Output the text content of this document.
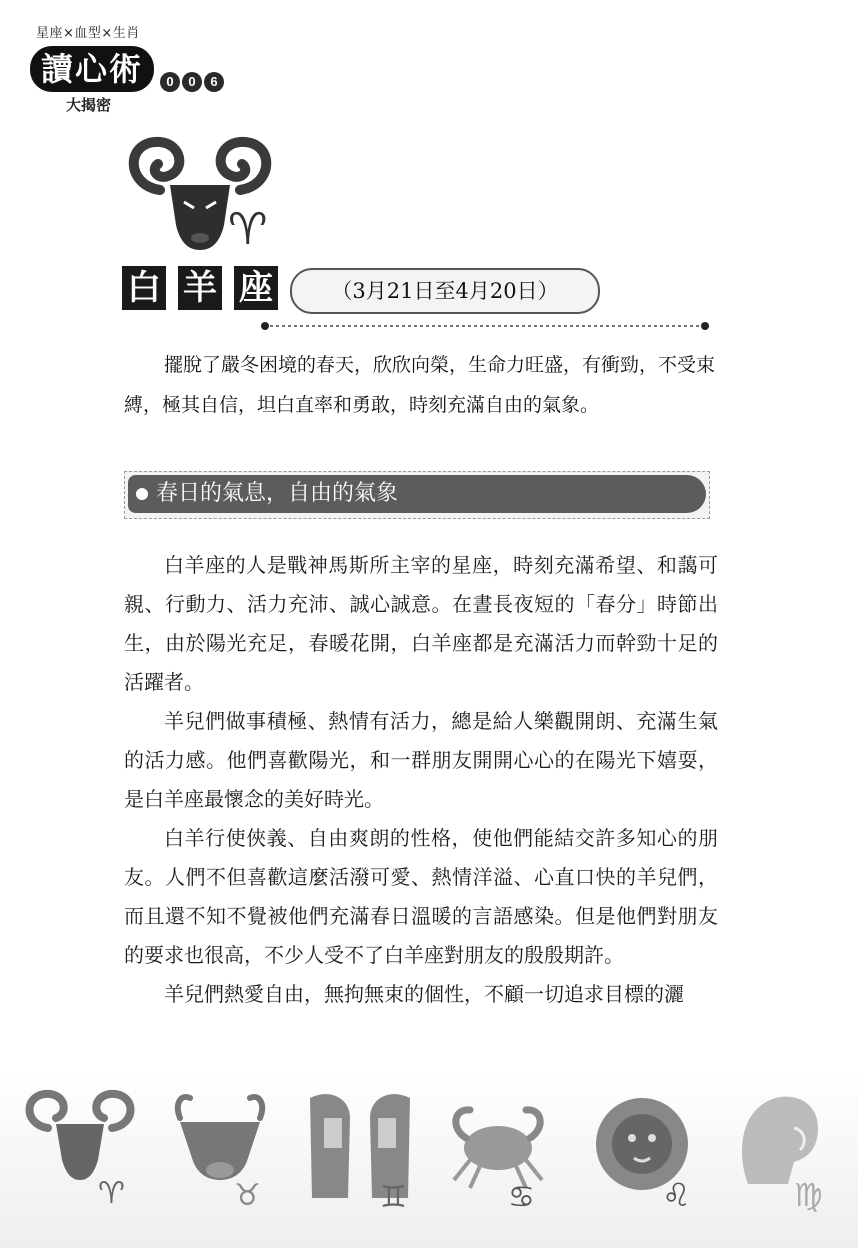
星座×血型×生肖
讀心術
大揭密
0	0	6
♈
白 羊 座	（3月21日至4月20日）

擺脫了嚴冬困境的春天，欣欣向榮，生命力旺盛，有衝勁，不受束縛，極其自信，坦白直率和勇敢，時刻充滿自由的氣象。

春日的氣息，自由的氣象

白羊座的人是戰神馬斯所主宰的星座，時刻充滿希望、和藹可親、行動力、活力充沛、誠心誠意。在晝長夜短的「春分」時節出生，由於陽光充足，春暖花開，白羊座都是充滿活力而幹勁十足的活躍者。

羊兒們做事積極、熱情有活力，總是給人樂觀開朗、充滿生氣的活力感。他們喜歡陽光，和一群朋友開開心心的在陽光下嬉耍，是白羊座最懷念的美好時光。

白羊行使俠義、自由爽朗的性格，使他們能結交許多知心的朋友。人們不但喜歡這麼活潑可愛、熱情洋溢、心直口快的羊兒們，而且還不知不覺被他們充滿春日溫暖的言語感染。但是他們對朋友的要求也很高，不少人受不了白羊座對朋友的殷殷期許。

羊兒們熱愛自由，無拘無束的個性，不顧一切追求目標的灑

♈	♉	♊	♋	♌	♍
